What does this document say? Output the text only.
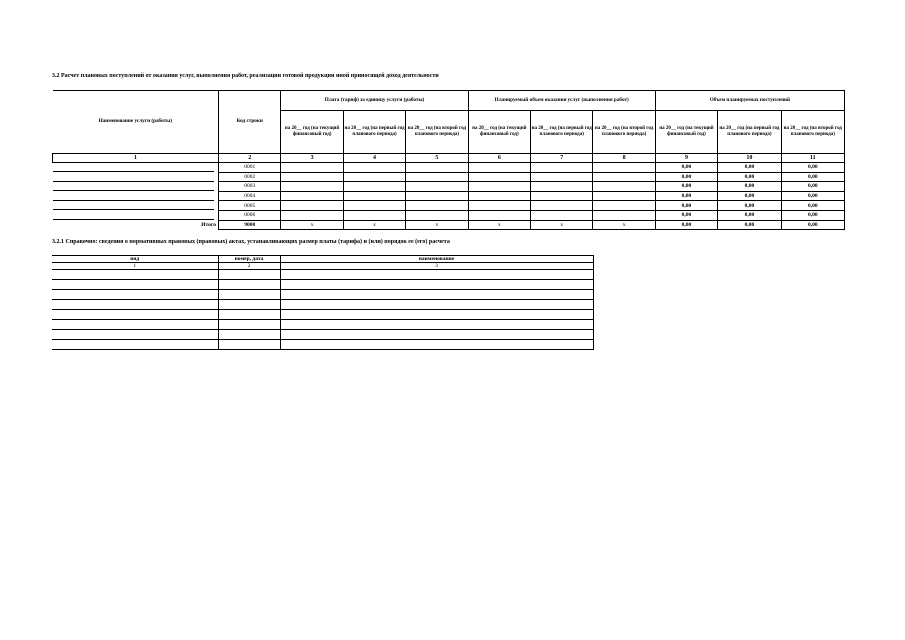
3.2 Расчет плановых поступлений от оказания услуг, выполнения работ, реализации готовой продукции иной приносящей доход деятельности
Наименование услуги (работы)	Код строки	Плата (тариф) за единицу услуги (работы)			Планируемый объем оказания услуг (выполнения работ)			Объем планируемых поступлений		
		на 20__ год (на текущий финансовый год)	на 20__ год (на первый год планового периода)	на 20__ год (на второй год планового периода)	на 20__ год (на текущий финансовый год)	на 20__ год (на первый год планового периода)	на 20__ год (на второй год планового периода)	на 20__ год (на текущий финансовый год)	на 20__ год (на первый год планового периода)	на 20__ год (на второй год планового периода)
1	2	3	4	5	6	7	8	9	10	11

	0001							0,00	0,00	0,00

	0002							0,00	0,00	0,00

	0003							0,00	0,00	0,00

	0004							0,00	0,00	0,00

	0005							0,00	0,00	0,00

	0006							0,00	0,00	0,00
Итого	9000	x	x	x	x	x	x	0,00	0,00	0,00
3.2.1 Справочно: сведения о нормативных правовых (правовых) актах, устанавливающих размер платы (тарифа) и (или) порядок ее (его) расчета
вид	номер, дата	наименование
1	2	3
